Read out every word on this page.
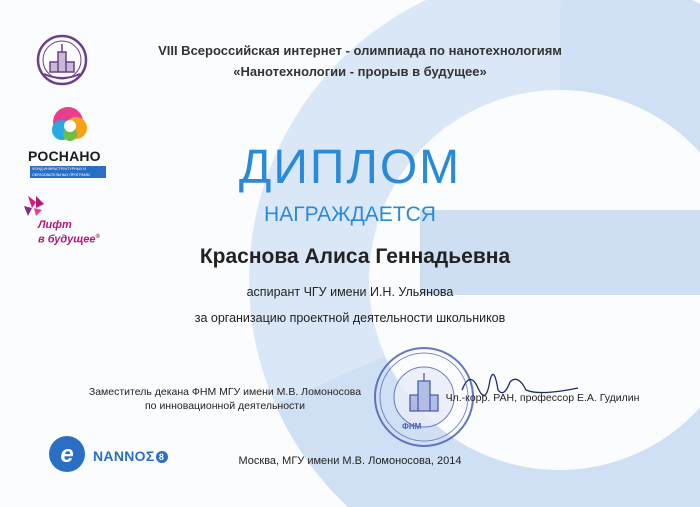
VIII Всероссийская интернет - олимпиада по нанотехнологиям
«Нанотехнологии - прорыв в будущее»
РОСНАНО
ФОНД ИНФРАСТРУКТУРНЫХ И ОБРАЗОВАТЕЛЬНЫХ ПРОГРАММ
Лифт
в будущее®
ДИПЛОМ
НАГРАЖДАЕТСЯ
Краснова Алиса Геннадьевна
аспирант ЧГУ имени И.Н. Ульянова
за организацию проектной деятельности школьников
ФНМ
Заместитель декана ФНМ МГУ имени М.В. Ломоносова
по инновационной деятельности
Чл.-корр. РАН, профессор Е.А. Гудилин
Москва, МГУ имени М.В. Ломоносова, 2014
e NANNOΣ 8
